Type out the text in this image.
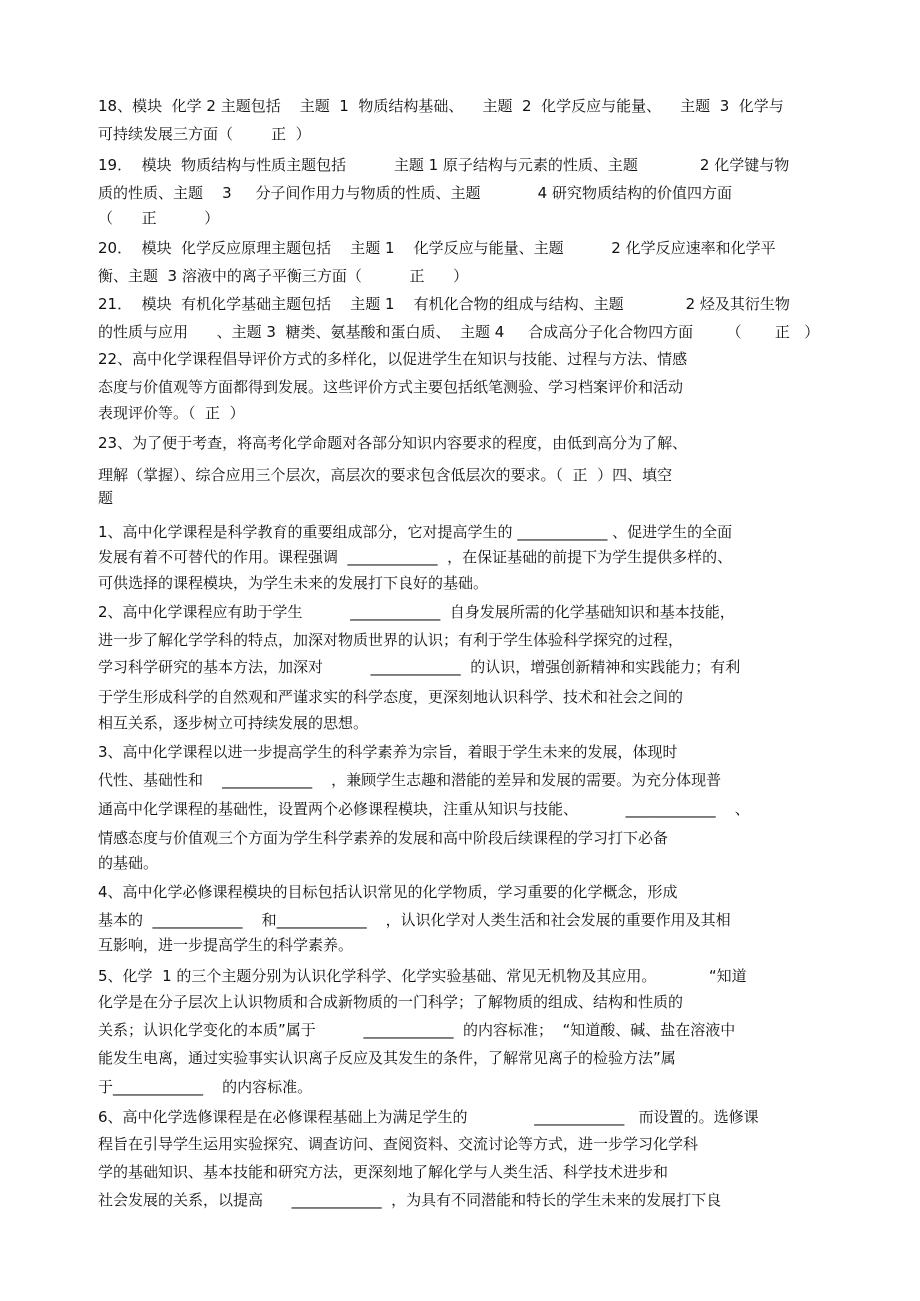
18、模块  化学 2 主题包括    主题  1  物质结构基础、    主题  2  化学反应与能量、    主题  3  化学与
可持续发展三方面（        正  ）
19．  模块  物质结构与性质主题包括          主题 1 原子结构与元素的性质、主题             2 化学键与物
质的性质、主题    3     分子间作用力与物质的性质、主题            4 研究物质结构的价值四方面
（      正          ）
20．  模块  化学反应原理主题包括    主题 1    化学反应与能量、主题          2 化学反应速率和化学平
衡、主题  3 溶液中的离子平衡三方面（          正      ）
21．  模块  有机化学基础主题包括    主题 1    有机化合物的组成与结构、主题             2 烃及其衍生物
的性质与应用      、主题 3  糖类、氨基酸和蛋白质、  主题 4     合成高分子化合物四方面       （       正   ）
22、高中化学课程倡导评价方式的多样化，以促进学生在知识与技能、过程与方法、情感
态度与价值观等方面都得到发展。这些评价方式主要包括纸笔测验、学习档案评价和活动
表现评价等。（  正  ）
23、为了便于考查，将高考化学命题对各部分知识内容要求的程度，由低到高分为了解、
理解（掌握）、综合应用三个层次，高层次的要求包含低层次的要求。（  正  ）四、填空
题
1、高中化学课程是科学教育的重要组成部分，它对提高学生的 ____________ 、促进学生的全面
发展有着不可替代的作用。课程强调  ____________  ，在保证基础的前提下为学生提供多样的、
可供选择的课程模块，为学生未来的发展打下良好的基础。
2、高中化学课程应有助于学生          ____________  自身发展所需的化学基础知识和基本技能，
进一步了解化学学科的特点，加深对物质世界的认识；有利于学生体验科学探究的过程，
学习科学研究的基本方法，加深对          ____________  的认识，增强创新精神和实践能力；有利
于学生形成科学的自然观和严谨求实的科学态度，更深刻地认识科学、技术和社会之间的
相互关系，逐步树立可持续发展的思想。
3、高中化学课程以进一步提高学生的科学素养为宗旨，着眼于学生未来的发展，体现时
代性、基础性和    ____________    ，兼顾学生志趣和潜能的差异和发展的需要。为充分体现普
通高中化学课程的基础性，设置两个必修课程模块，注重从知识与技能、          ____________    、
情感态度与价值观三个方面为学生科学素养的发展和高中阶段后续课程的学习打下必备
的基础。
4、高中化学必修课程模块的目标包括认识常见的化学物质，学习重要的化学概念，形成
基本的  ____________    和____________    ，认识化学对人类生活和社会发展的重要作用及其相
互影响，进一步提高学生的科学素养。
5、化学  1 的三个主题分别为认识化学科学、化学实验基础、常见无机物及其应用。           “知道
化学是在分子层次上认识物质和合成新物质的一门科学；了解物质的组成、结构和性质的
关系；认识化学变化的本质”属于          ____________  的内容标准；  “知道酸、碱、盐在溶液中
能发生电离，通过实验事实认识离子反应及其发生的条件，了解常见离子的检验方法”属
于____________    的内容标准。
6、高中化学选修课程是在必修课程基础上为满足学生的              ____________   而设置的。选修课
程旨在引导学生运用实验探究、调查访问、查阅资料、交流讨论等方式，进一步学习化学科
学的基础知识、基本技能和研究方法，更深刻地了解化学与人类生活、科学技术进步和
社会发展的关系，以提高      ____________  ，为具有不同潜能和特长的学生未来的发展打下良
